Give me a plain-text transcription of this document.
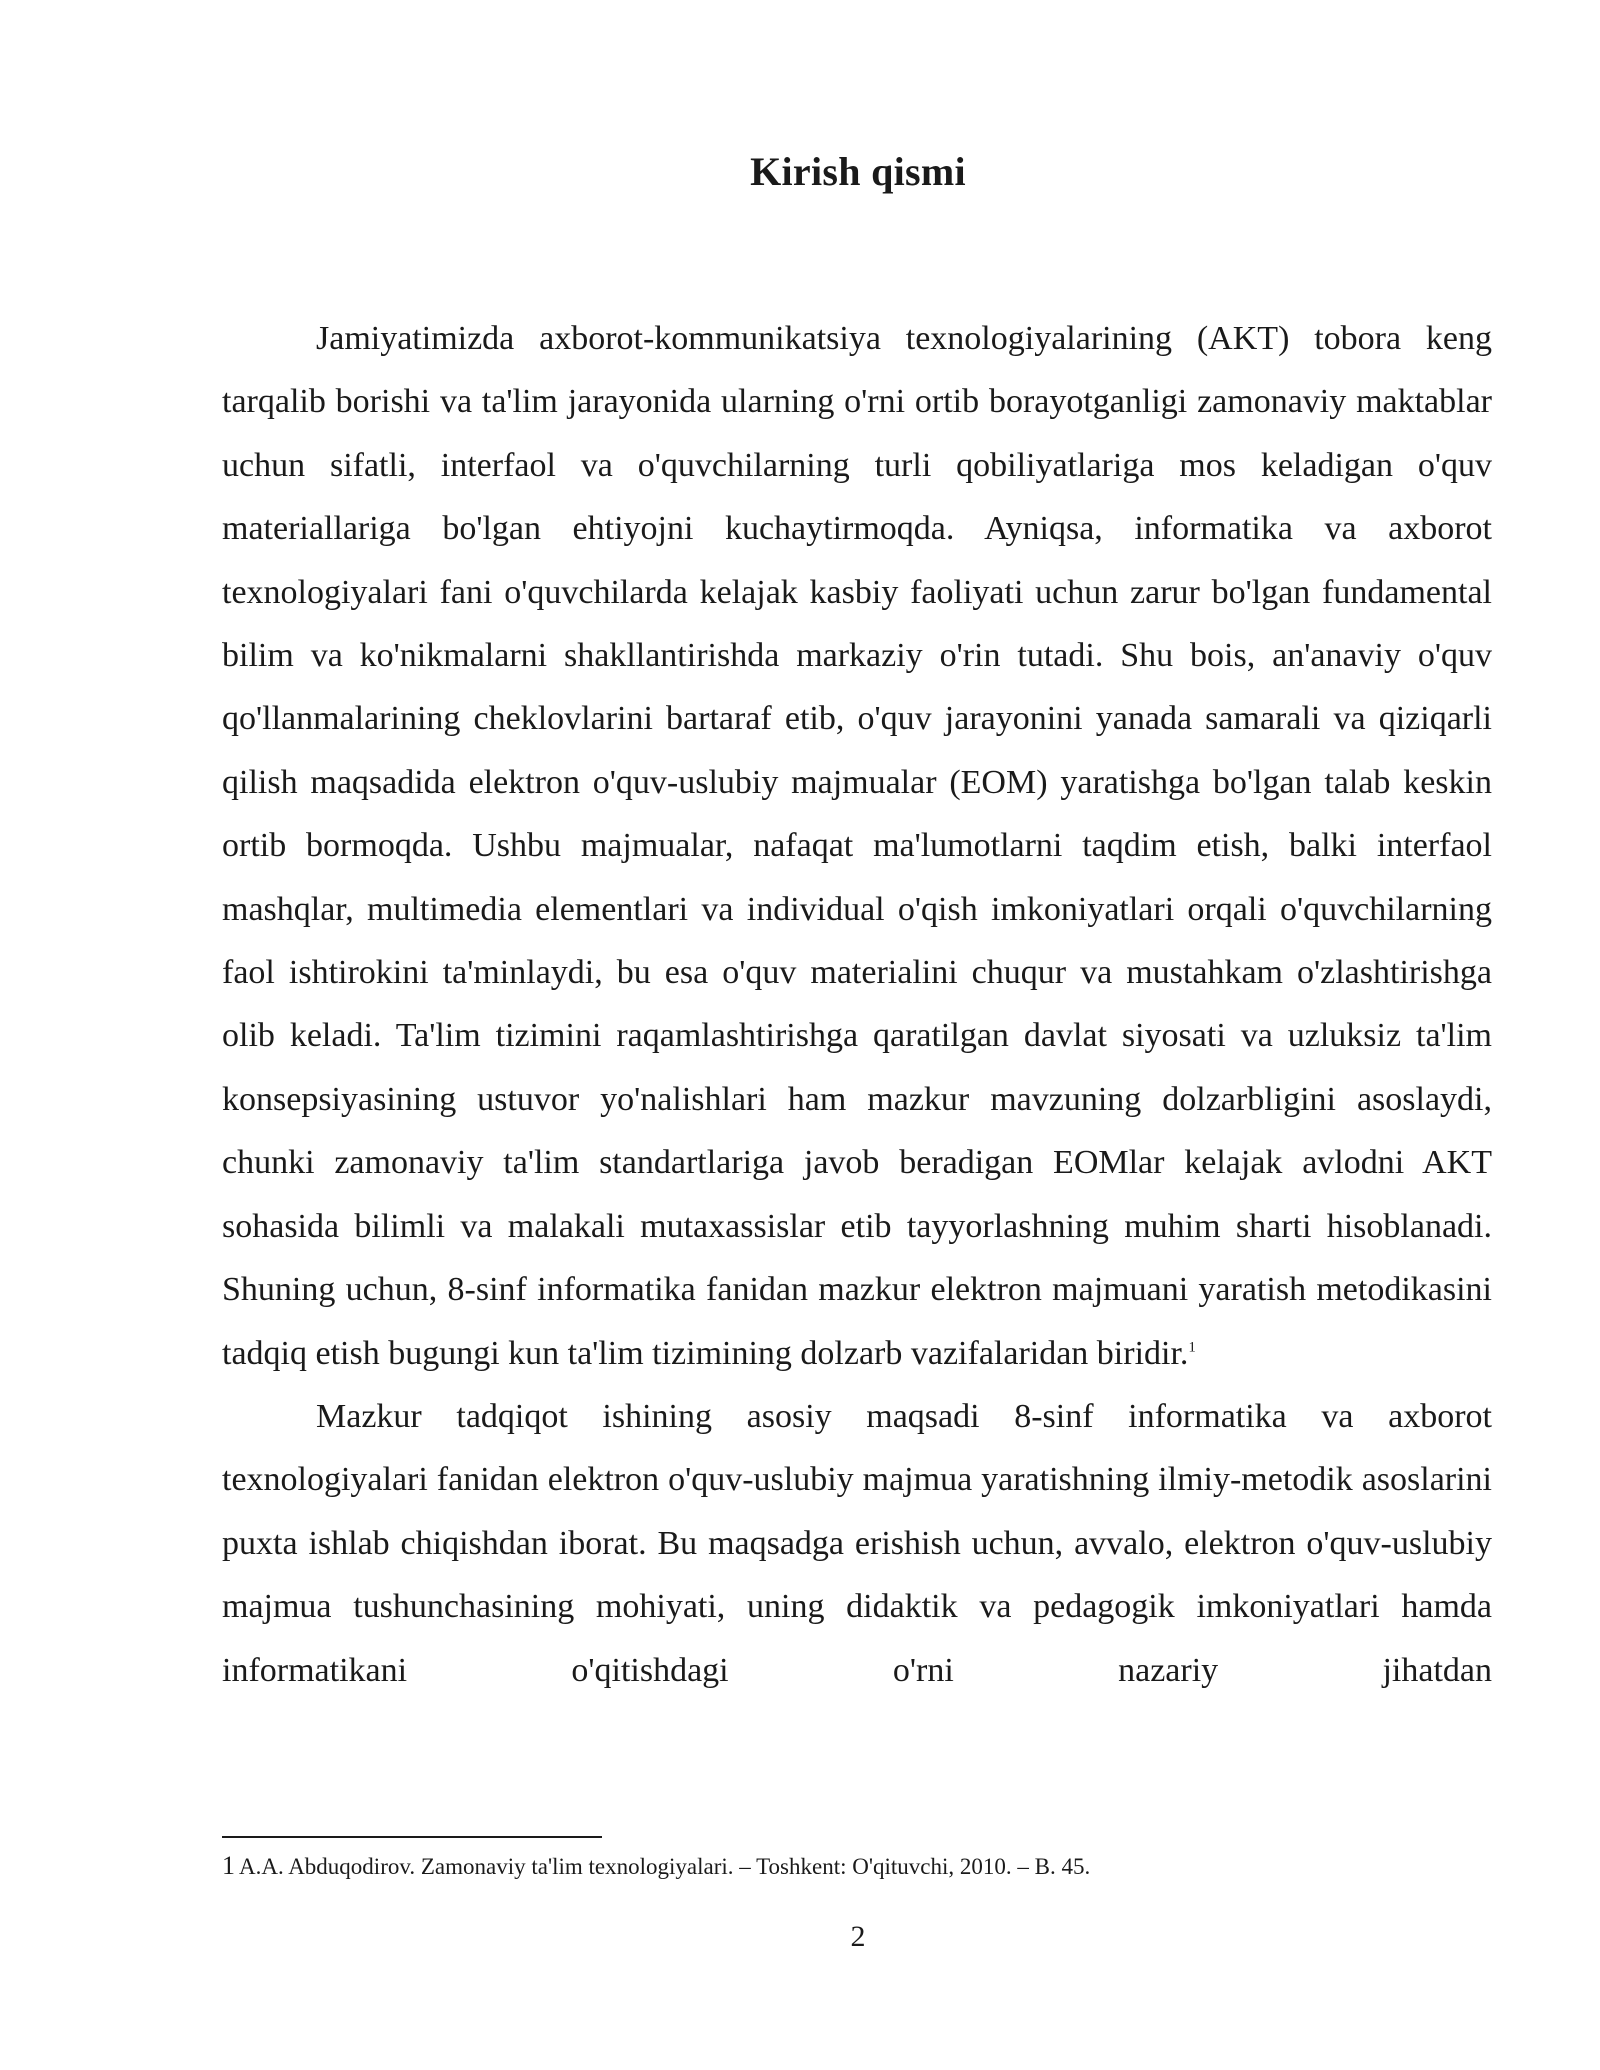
Kirish qismi

Jamiyatimizda axborot-kommunikatsiya texnologiyalarining (AKT) tobora keng tarqalib borishi va ta'lim jarayonida ularning o'rni ortib borayotganligi zamonaviy maktablar uchun sifatli, interfaol va o'quvchilarning turli qobiliyatlariga mos keladigan o'quv materiallariga bo'lgan ehtiyojni kuchaytirmoqda. Ayniqsa, informatika va axborot texnologiyalari fani o'quvchilarda kelajak kasbiy faoliyati uchun zarur bo'lgan fundamental bilim va ko'nikmalarni shakllantirishda markaziy o'rin tutadi. Shu bois, an'anaviy o'quv qo'llanmalarining cheklovlarini bartaraf etib, o'quv jarayonini yanada samarali va qiziqarli qilish maqsadida elektron o'quv-uslubiy majmualar (EOM) yaratishga bo'lgan talab keskin ortib bormoqda. Ushbu majmualar, nafaqat ma'lumotlarni taqdim etish, balki interfaol mashqlar, multimedia elementlari va individual o'qish imkoniyatlari orqali o'quvchilarning faol ishtirokini ta'minlaydi, bu esa o'quv materialini chuqur va mustahkam o'zlashtirishga olib keladi. Ta'lim tizimini raqamlashtirishga qaratilgan davlat siyosati va uzluksiz ta'lim konsepsiyasining ustuvor yo'nalishlari ham mazkur mavzuning dolzarbligini asoslaydi, chunki zamonaviy ta'lim standartlariga javob beradigan EOMlar kelajak avlodni AKT sohasida bilimli va malakali mutaxassislar etib tayyorlashning muhim sharti hisoblanadi. Shuning uchun, 8-sinf informatika fanidan mazkur elektron majmuani yaratish metodikasini tadqiq etish bugungi kun ta'lim tizimining dolzarb vazifalaridan biridir.$^1$

Mazkur tadqiqot ishining asosiy maqsadi 8-sinf informatika va axborot texnologiyalari fanidan elektron o'quv-uslubiy majmua yaratishning ilmiy-metodik asoslarini puxta ishlab chiqishdan iborat. Bu maqsadga erishish uchun, avvalo, elektron o'quv-uslubiy majmua tushunchasining mohiyati, uning didaktik va pedagogik imkoniyatlari hamda informatikani o'qitishdagi o'rni nazariy jihatdan

1 A.A. Abduqodirov. Zamonaviy ta'lim texnologiyalari. – Toshkent: O'qituvchi, 2010. – B. 45.
2
